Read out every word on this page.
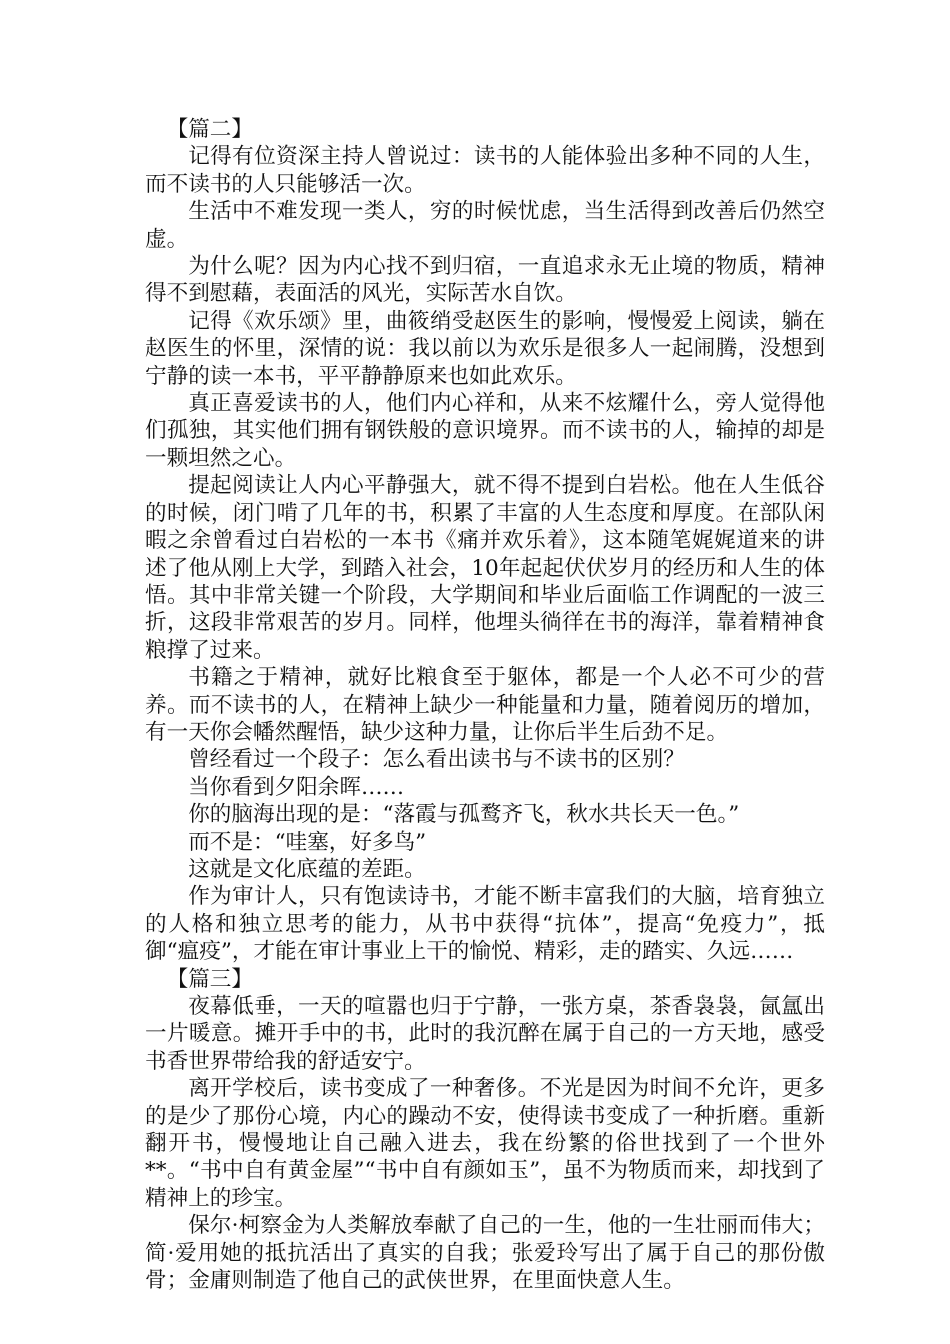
【篇二】

记得有位资深主持人曾说过：读书的人能体验出多种不同的人生，而不读书的人只能够活一次。

生活中不难发现一类人，穷的时候忧虑，当生活得到改善后仍然空虚。

为什么呢？因为内心找不到归宿，一直追求永无止境的物质，精神得不到慰藉，表面活的风光，实际苦水自饮。

记得《欢乐颂》里，曲筱绡受赵医生的影响，慢慢爱上阅读，躺在赵医生的怀里，深情的说：我以前以为欢乐是很多人一起闹腾，没想到宁静的读一本书，平平静静原来也如此欢乐。

真正喜爱读书的人，他们内心祥和，从来不炫耀什么，旁人觉得他们孤独，其实他们拥有钢铁般的意识境界。而不读书的人，输掉的却是一颗坦然之心。

提起阅读让人内心平静强大，就不得不提到白岩松。他在人生低谷的时候，闭门啃了几年的书，积累了丰富的人生态度和厚度。在部队闲暇之余曾看过白岩松的一本书《痛并欢乐着》，这本随笔娓娓道来的讲述了他从刚上大学，到踏入社会，10年起起伏伏岁月的经历和人生的体悟。其中非常关键一个阶段，大学期间和毕业后面临工作调配的一波三折，这段非常艰苦的岁月。同样，他埋头徜徉在书的海洋，靠着精神食粮撑了过来。

书籍之于精神，就好比粮食至于躯体，都是一个人必不可少的营养。而不读书的人，在精神上缺少一种能量和力量，随着阅历的增加，有一天你会幡然醒悟，缺少这种力量，让你后半生后劲不足。

曾经看过一个段子：怎么看出读书与不读书的区别？

当你看到夕阳余晖……

你的脑海出现的是：“落霞与孤鹜齐飞，秋水共长天一色。”

而不是：“哇塞，好多鸟”

这就是文化底蕴的差距。

作为审计人，只有饱读诗书，才能不断丰富我们的大脑，培育独立的人格和独立思考的能力，从书中获得“抗体”，提高“免疫力”，抵御“瘟疫”，才能在审计事业上干的愉悦、精彩，走的踏实、久远……

【篇三】

夜幕低垂，一天的喧嚣也归于宁静，一张方桌，茶香袅袅，氤氲出一片暖意。摊开手中的书，此时的我沉醉在属于自己的一方天地，感受书香世界带给我的舒适安宁。

离开学校后，读书变成了一种奢侈。不光是因为时间不允许，更多的是少了那份心境，内心的躁动不安，使得读书变成了一种折磨。重新翻开书，慢慢地让自己融入进去，我在纷繁的俗世找到了一个世外**。“书中自有黄金屋”“书中自有颜如玉”，虽不为物质而来，却找到了精神上的珍宝。

保尔·柯察金为人类解放奉献了自己的一生，他的一生壮丽而伟大；简·爱用她的抵抗活出了真实的自我；张爱玲写出了属于自己的那份傲骨；金庸则制造了他自己的武侠世界，在里面快意人生。
